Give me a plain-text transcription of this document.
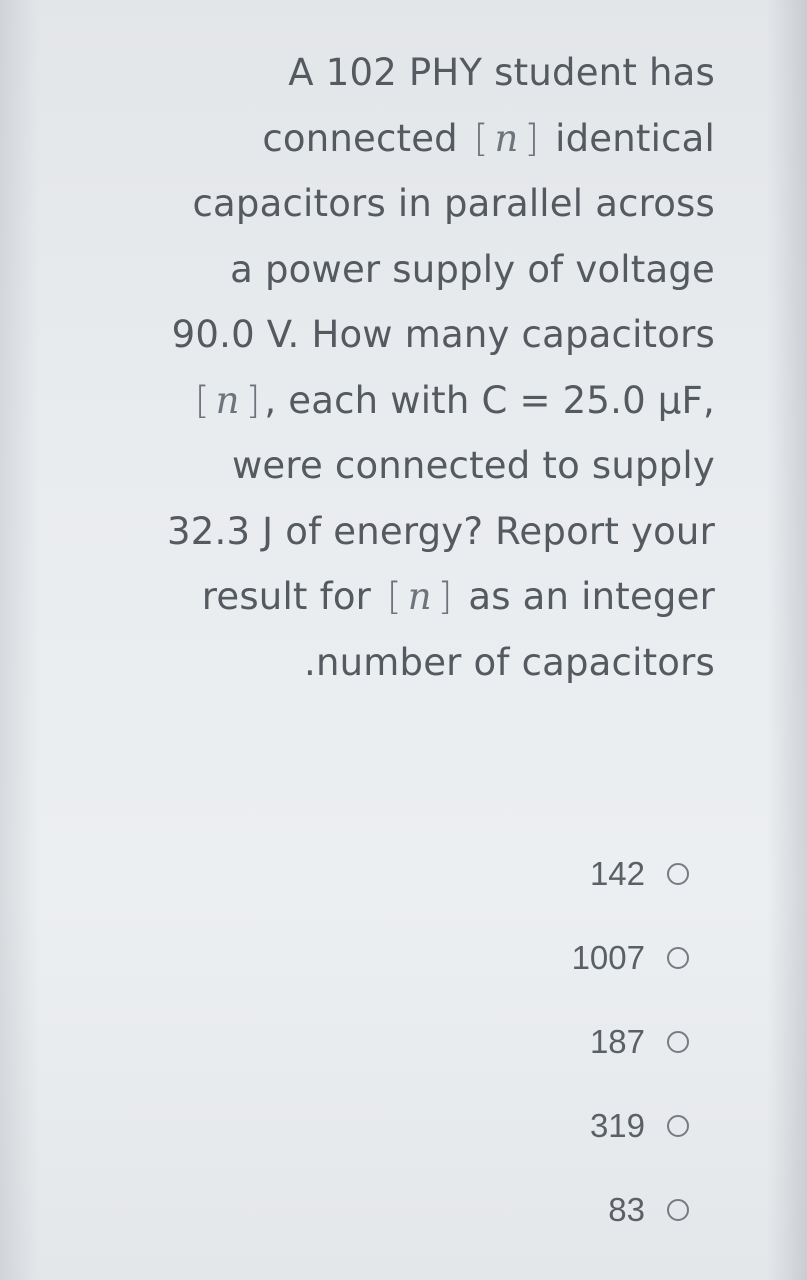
A 102 PHY student has
connected [ n ] identical
capacitors in parallel across
a power supply of voltage
90.0 V. How many capacitors
[ n ] , each with C = 25.0 µF,
were connected to supply
32.3 J of energy? Report your
result for [ n ] as an integer
.number of capacitors
142
1007
187
319
83
